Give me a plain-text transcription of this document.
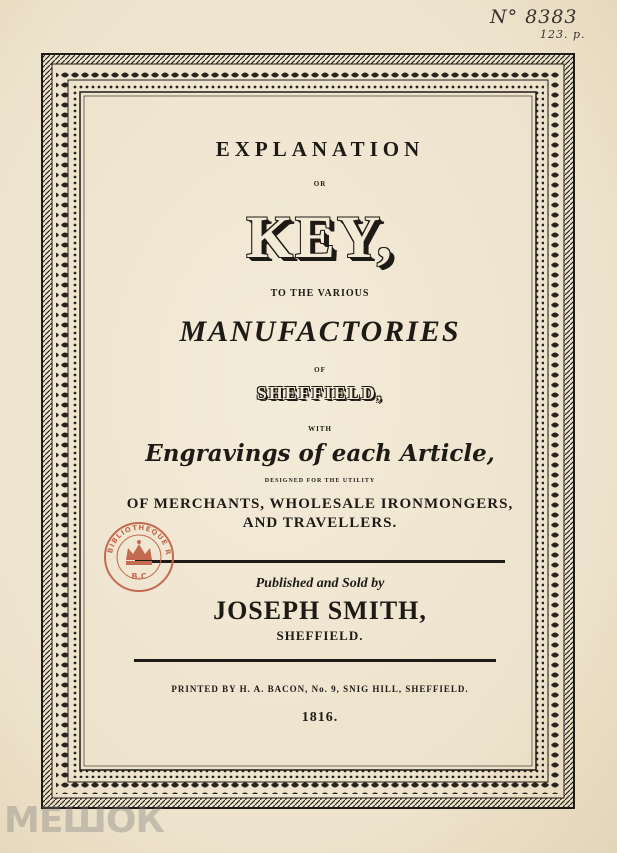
N° 8383
123. p.
EXPLANATION
OR
KEY,
TO THE VARIOUS
MANUFACTORIES
OF
SHEFFIELD,
WITH
Engravings of each Article,
DESIGNED FOR THE UTILITY
OF MERCHANTS, WHOLESALE IRONMONGERS,
AND TRAVELLERS.
Published and Sold by
JOSEPH SMITH,
SHEFFIELD.
PRINTED BY H. A. BACON, No. 9, SNIG HILL, SHEFFIELD.
1816.
BIBLIOTHEQUE R
B.C
МЕШОК
